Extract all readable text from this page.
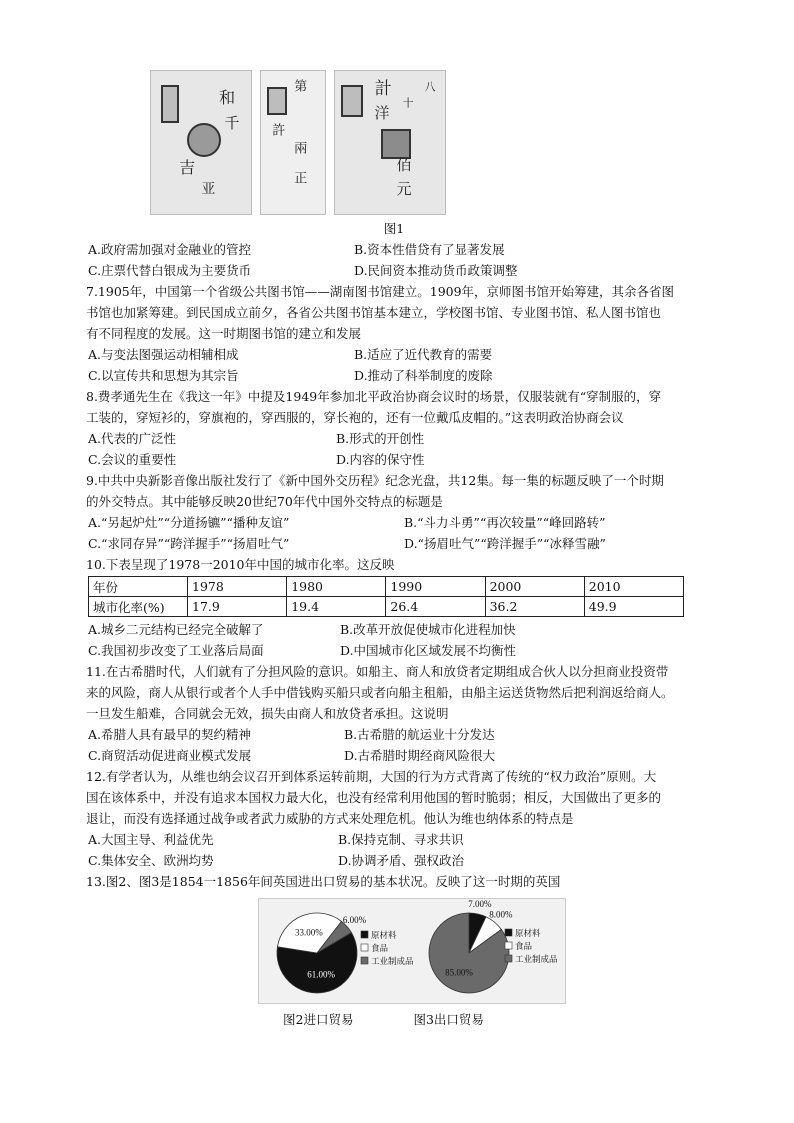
和
千
吉
亚
第
許
兩
正
計
洋
十
佰
元
八
图1
A.政府需加强对金融业的管控	B.资本性借贷有了显著发展
C.庄票代替白银成为主要货币	D.民间资本推动货币政策调整
7.1905年，中国第一个省级公共图书馆——湖南图书馆建立。1909年，京师图书馆开始筹建，其余各省图
书馆也加紧筹建。到民国成立前夕，各省公共图书馆基本建立，学校图书馆、专业图书馆、私人图书馆也
有不同程度的发展。这一时期图书馆的建立和发展
A.与变法图强运动相辅相成	B.适应了近代教育的需要
C.以宣传共和思想为其宗旨	D.推动了科举制度的废除
8.费孝通先生在《我这一年》中提及1949年参加北平政治协商会议时的场景，仅服装就有“穿制服的，穿
工装的，穿短衫的，穿旗袍的，穿西服的，穿长袍的，还有一位戴瓜皮帽的。”这表明政治协商会议
A.代表的广泛性	B.形式的开创性
C.会议的重要性	D.内容的保守性
9.中共中央新影音像出版社发行了《新中国外交历程》纪念光盘，共12集。每一集的标题反映了一个时期
的外交特点。其中能够反映20世纪70年代中国外交特点的标题是
A.“另起炉灶”“分道扬镳”“播种友谊”	B.“斗力斗勇”“再次较量”“峰回路转”
C.“求同存异”“跨洋握手”“扬眉吐气”	D.“扬眉吐气”“跨洋握手”“冰释雪融”
10.下表呈现了1978一2010年中国的城市化率。这反映
年份	1978	1980	1990	2000	2010
城市化率(%)	17.9	19.4	26.4	36.2	49.9
A.城乡二元结构已经完全破解了	B.改革开放促使城市化进程加快
C.我国初步改变了工业落后局面	D.中国城市化区域发展不均衡性
11.在古希腊时代，人们就有了分担风险的意识。如船主、商人和放贷者定期组成合伙人以分担商业投资带
来的风险，商人从银行或者个人手中借钱购买船只或者向船主租船，由船主运送货物然后把利润返给商人。
一旦发生船难，合同就会无效，损失由商人和放贷者承担。这说明
A.希腊人具有最早的契约精神	B.古希腊的航运业十分发达
C.商贸活动促进商业模式发展	D.古希腊时期经商风险很大
12.有学者认为，从维也纳会议召开到体系运转前期，大国的行为方式背离了传统的“权力政治”原则。大
国在该体系中，并没有追求本国权力最大化，也没有经常利用他国的暂时脆弱；相反，大国做出了更多的
退让，而没有选择通过战争或者武力威胁的方式来处理危机。他认为维也纳体系的特点是
A.大国主导、利益优先	B.保持克制、寻求共识
C.集体安全、欧洲均势	D.协调矛盾、强权政治
13.图2、图3是1854一1856年间英国进出口贸易的基本状况。反映了这一时期的英国
61.00%
33.00%
6.00%
原材料
食品
工业制成品
7.00%
8.00%
85.00%
原材料
食品
工业制成品
图2进口贸易	图3出口贸易
